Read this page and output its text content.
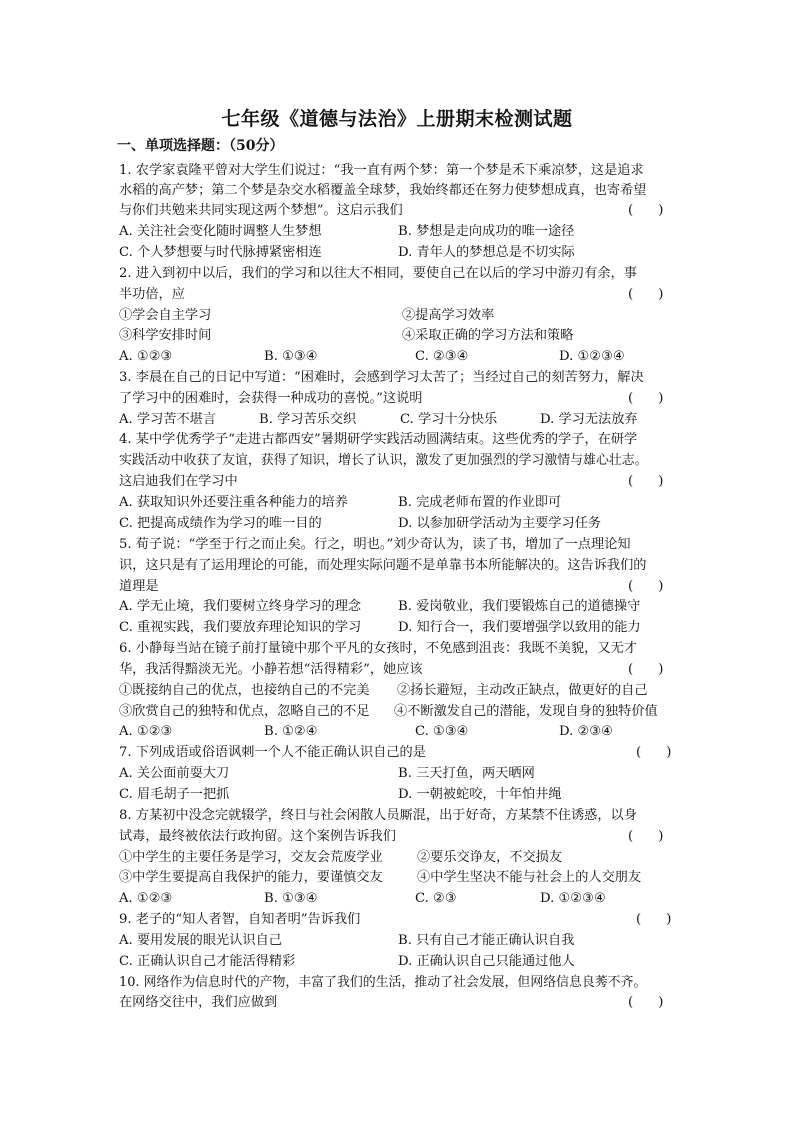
七年级《道德与法治》上册期末检测试题
一、单项选择题：（50分）
1. 农学家袁隆平曾对大学生们说过：“我一直有两个梦：第一个梦是禾下乘凉梦，这是追求
水稻的高产梦；第二个梦是杂交水稻覆盖全球梦，我始终都还在努力使梦想成真，也寄希望
与你们共勉来共同实现这两个梦想”。这启示我们	(      )
A. 关注社会变化随时调整人生梦想	B. 梦想是走向成功的唯一途径
C. 个人梦想要与时代脉搏紧密相连	D. 青年人的梦想总是不切实际
2. 进入到初中以后，我们的学习和以往大不相同，要使自己在以后的学习中游刃有余，事
半功倍，应	(      )
①学会自主学习	②提高学习效率
③科学安排时间	④采取正确的学习方法和策略
A. ①②③	B. ①③④	C. ②③④	D. ①②③④
3. 李晨在自己的日记中写道：“困难时，会感到学习太苦了；当经过自己的刻苦努力，解决
了学习中的困难时，会获得一种成功的喜悦。”这说明	(      )
A. 学习苦不堪言	B. 学习苦乐交织	C. 学习十分快乐	D. 学习无法放弃
4. 某中学优秀学子“走进古都西安”暑期研学实践活动圆满结束。这些优秀的学子，在研学
实践活动中收获了友谊，获得了知识，增长了认识，激发了更加强烈的学习激情与雄心壮志。
这启迪我们在学习中	(      )
A. 获取知识外还要注重各种能力的培养	B. 完成老师布置的作业即可
C. 把提高成绩作为学习的唯一目的	D. 以参加研学活动为主要学习任务
5. 荀子说：“学至于行之而止矣。行之，明也。”刘少奇认为，读了书，增加了一点理论知
识，这只是有了运用理论的可能，而处理实际问题不是单靠书本所能解决的。这告诉我们的
道理是	(      )
A. 学无止境，我们要树立终身学习的理念	B. 爱岗敬业，我们要锻炼自己的道德操守
C. 重视实践，我们要放弃理论知识的学习	D. 知行合一，我们要增强学以致用的能力
6. 小静每当站在镜子前打量镜中那个平凡的女孩时，不免感到沮丧：我既不美貌，又无才
华，我活得黯淡无光。小静若想“活得精彩”，她应该	(      )
①既接纳自己的优点，也接纳自己的不完美 ②扬长避短，主动改正缺点，做更好的自己
③欣赏自己的独特和优点，忽略自己的不足 ④不断激发自己的潜能，发现自身的独特价值
A. ①②③	B. ①②④	C. ①③④	D. ②③④
7. 下列成语或俗语讽刺一个人不能正确认识自己的是	(      )
A. 关公面前耍大刀	B. 三天打鱼，两天晒网
C. 眉毛胡子一把抓	D. 一朝被蛇咬，十年怕井绳
8. 方某初中没念完就辍学，终日与社会闲散人员厮混，出于好奇，方某禁不住诱惑，以身
试毒，最终被依法行政拘留。这个案例告诉我们	(      )
①中学生的主要任务是学习，交友会荒废学业	②要乐交诤友，不交损友
③中学生要提高自我保护的能力，要谨慎交友	④中学生坚决不能与社会上的人交朋友
A. ①②③	B. ①③④	C. ②③	D. ①②③④
9. 老子的“知人者智，自知者明”告诉我们	(      )
A. 要用发展的眼光认识自己	B. 只有自己才能正确认识自我
C. 正确认识自己才能活得精彩	D. 正确认识自己只能通过他人
10. 网络作为信息时代的产物，丰富了我们的生活，推动了社会发展，但网络信息良莠不齐。
在网络交往中，我们应做到	(      )
